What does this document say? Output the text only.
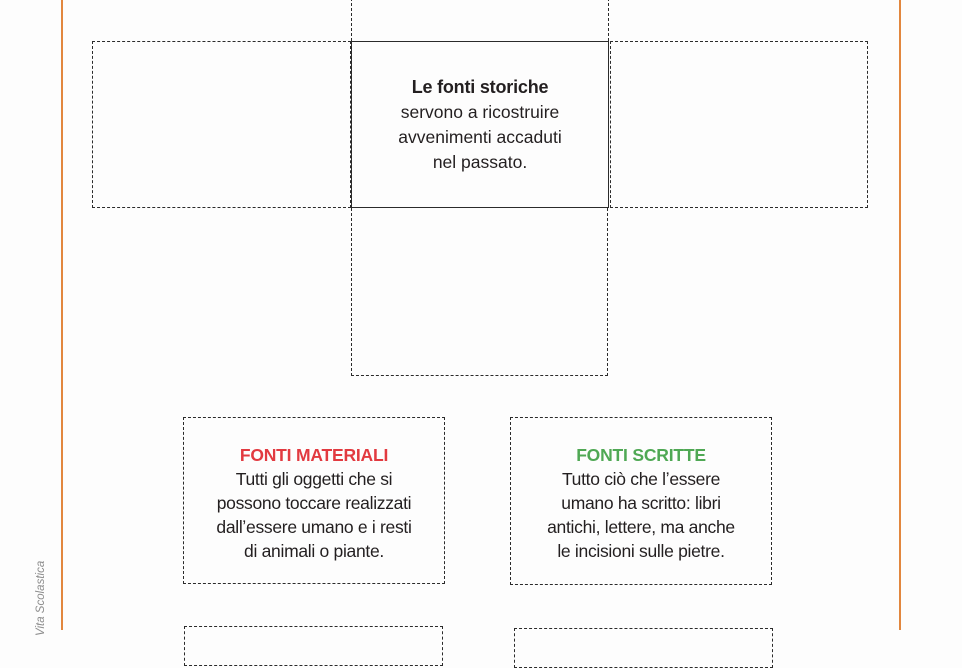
Vita Scolastica
Le fonti storiche
servono a ricostruire
avvenimenti accaduti
nel passato.
FONTI MATERIALI
Tutti gli oggetti che si
possono toccare realizzati
dallʼessere umano e i resti
di animali o piante.
FONTI SCRITTE
Tutto ciò che lʼessere
umano ha scritto: libri
antichi, lettere, ma anche
le incisioni sulle pietre.
